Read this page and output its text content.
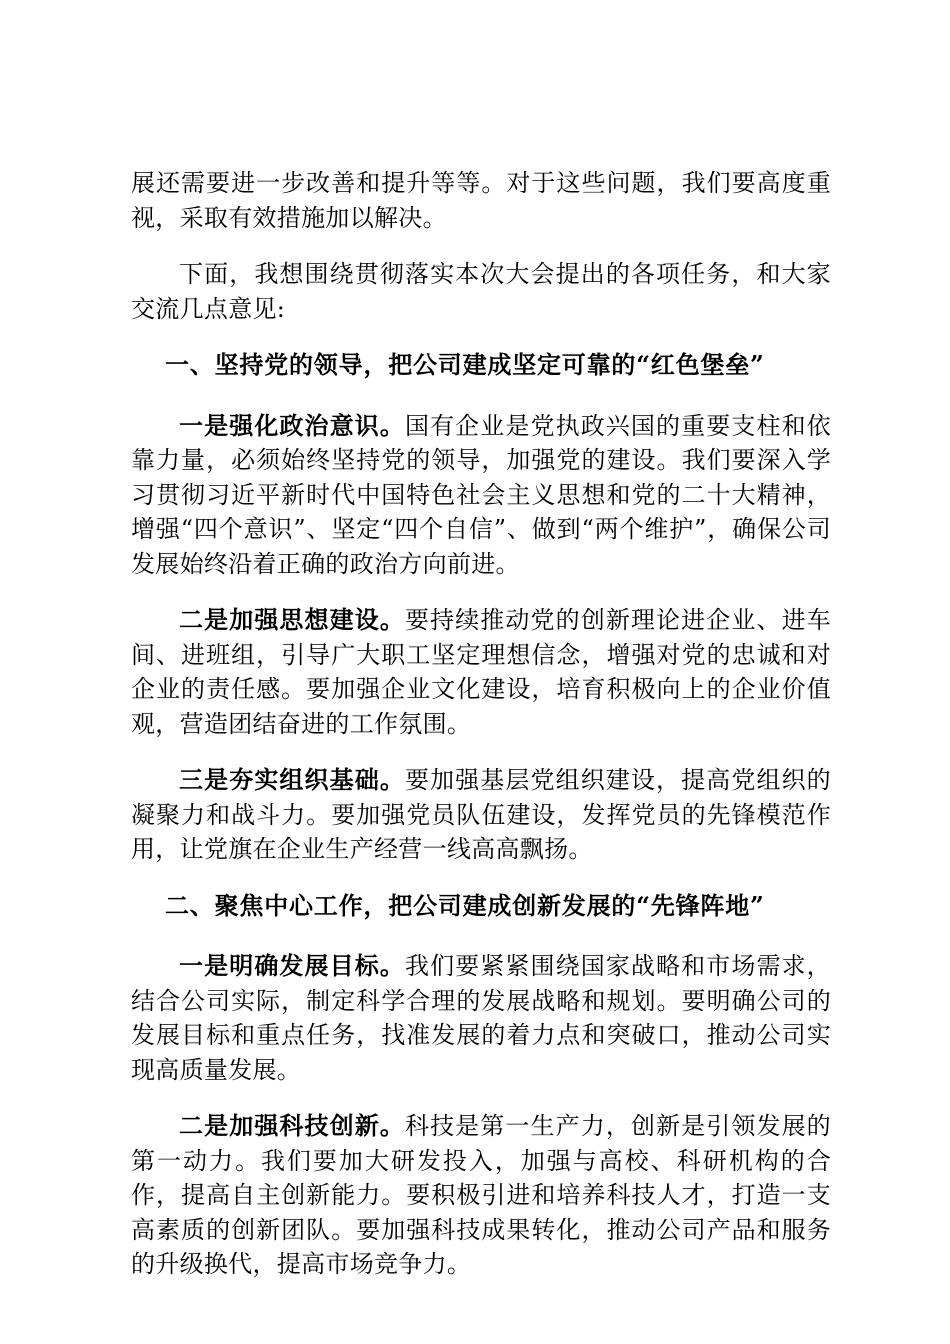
展还需要进一步改善和提升等等。对于这些问题，我们要高度重视，采取有效措施加以解决。

下面，我想围绕贯彻落实本次大会提出的各项任务，和大家交流几点意见:

一、坚持党的领导，把公司建成坚定可靠的“红色堡垒”

一是强化政治意识。国有企业是党执政兴国的重要支柱和依靠力量，必须始终坚持党的领导，加强党的建设。我们要深入学习贯彻习近平新时代中国特色社会主义思想和党的二十大精神，增强“四个意识”、坚定“四个自信”、做到“两个维护”，确保公司发展始终沿着正确的政治方向前进。

二是加强思想建设。要持续推动党的创新理论进企业、进车间、进班组，引导广大职工坚定理想信念，增强对党的忠诚和对企业的责任感。要加强企业文化建设，培育积极向上的企业价值观，营造团结奋进的工作氛围。

三是夯实组织基础。要加强基层党组织建设，提高党组织的凝聚力和战斗力。要加强党员队伍建设，发挥党员的先锋模范作用，让党旗在企业生产经营一线高高飘扬。

二、聚焦中心工作，把公司建成创新发展的“先锋阵地”

一是明确发展目标。我们要紧紧围绕国家战略和市场需求，结合公司实际，制定科学合理的发展战略和规划。要明确公司的发展目标和重点任务，找准发展的着力点和突破口，推动公司实现高质量发展。

二是加强科技创新。科技是第一生产力，创新是引领发展的第一动力。我们要加大研发投入，加强与高校、科研机构的合作，提高自主创新能力。要积极引进和培养科技人才，打造一支高素质的创新团队。要加强科技成果转化，推动公司产品和服务的升级换代，提高市场竞争力。
